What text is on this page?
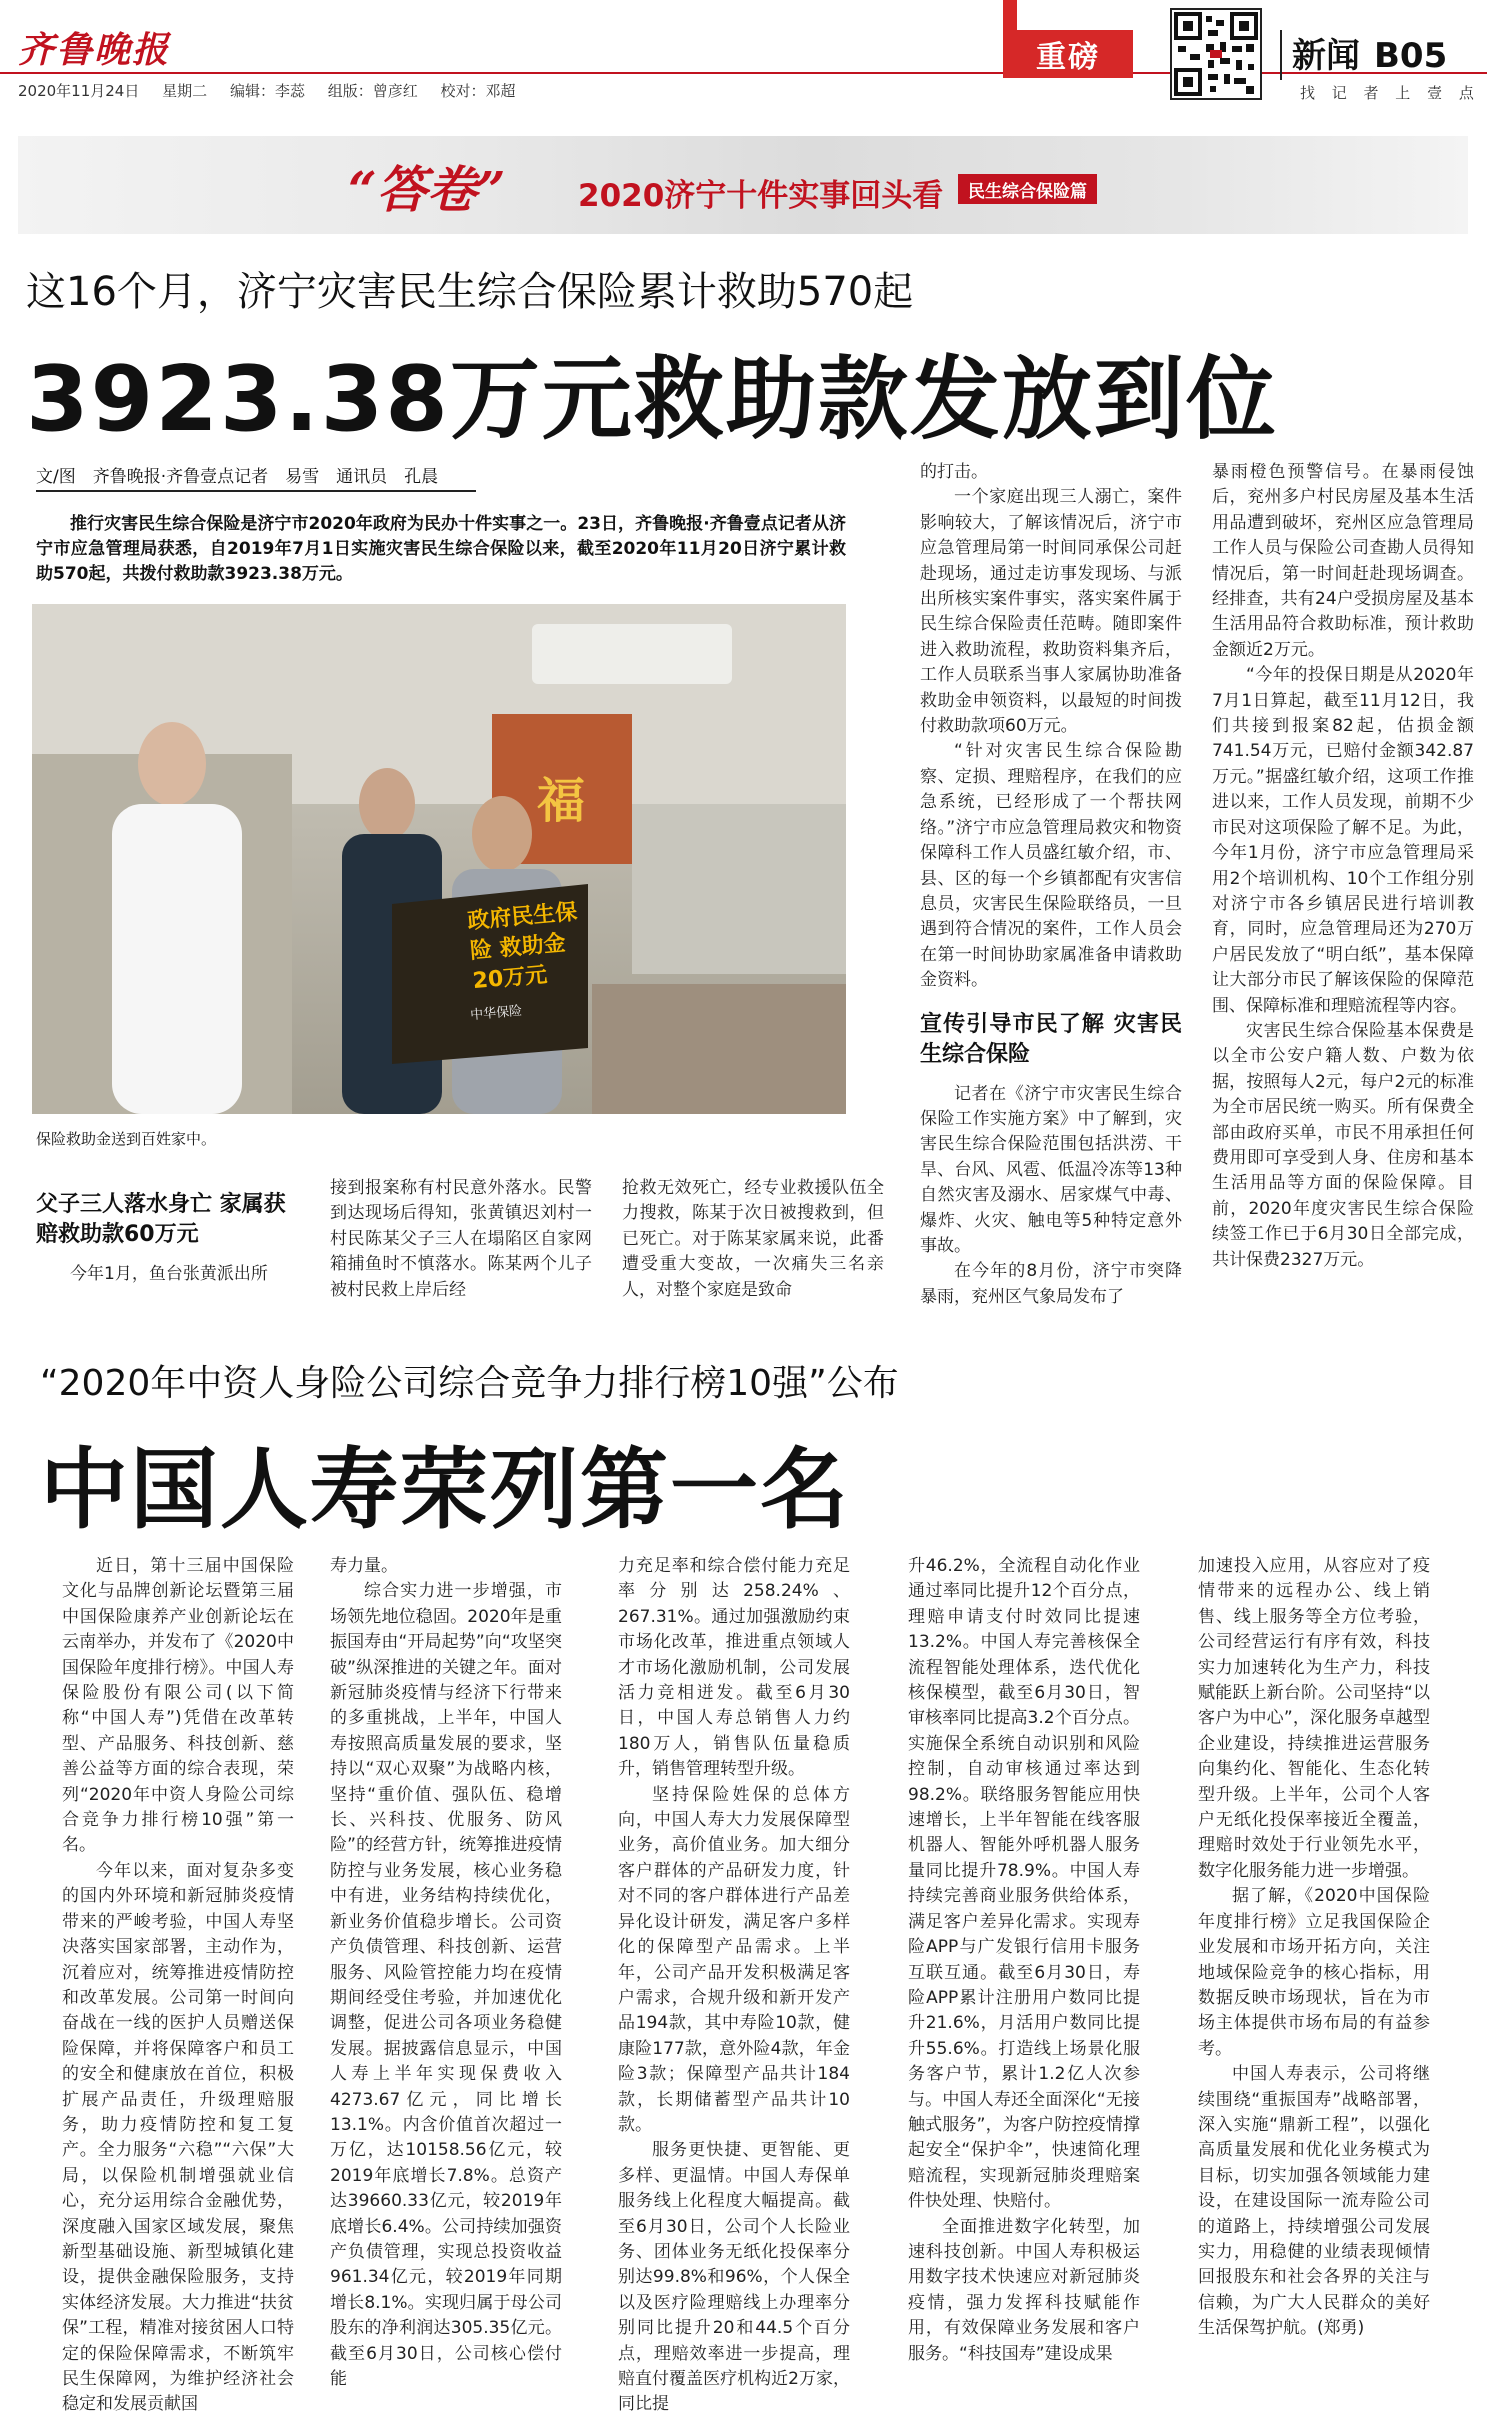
齐鲁晚报
2020年11月24日 星期二 编辑：李蕊 组版：曾彦红 校对：邓超
重磅	新闻 B05
找 记 者 上 壹 点
“答卷” 2020济宁十件实事回头看	民生综合保险篇
这16个月，济宁灾害民生综合保险累计救助570起
3923.38万元救助款发放到位
文/图　齐鲁晚报·齐鲁壹点记者　易雪　通讯员　孔晨

推行灾害民生综合保险是济宁市2020年政府为民办十件实事之一。23日，齐鲁晚报·齐鲁壹点记者从济宁市应急管理局获悉，自2019年7月1日实施灾害民生综合保险以来，截至2020年11月20日济宁累计救助570起，共拨付救助款3923.38万元。

政府民生保险 救助金20万元
中华保险
福
保险救助金送到百姓家中。
父子三人落水身亡 家属获赔救助款60万元

今年1月，鱼台张黄派出所

接到报案称有村民意外落水。民警到达现场后得知，张黄镇迟刘村一村民陈某父子三人在塌陷区自家网箱捕鱼时不慎落水。陈某两个儿子被村民救上岸后经

抢救无效死亡，经专业救援队伍全力搜救，陈某于次日被搜救到，但已死亡。对于陈某家属来说，此番遭受重大变故，一次痛失三名亲人，对整个家庭是致命

的打击。

一个家庭出现三人溺亡，案件影响较大，了解该情况后，济宁市应急管理局第一时间同承保公司赶赴现场，通过走访事发现场、与派出所核实案件事实，落实案件属于民生综合保险责任范畴。随即案件进入救助流程，救助资料集齐后，工作人员联系当事人家属协助准备救助金申领资料，以最短的时间拨付救助款项60万元。

“针对灾害民生综合保险勘察、定损、理赔程序，在我们的应急系统，已经形成了一个帮扶网络。”济宁市应急管理局救灾和物资保障科工作人员盛红敏介绍，市、县、区的每一个乡镇都配有灾害信息员，灾害民生保险联络员，一旦遇到符合情况的案件，工作人员会在第一时间协助家属准备申请救助金资料。

宣传引导市民了解 灾害民生综合保险

记者在《济宁市灾害民生综合保险工作实施方案》中了解到，灾害民生综合保险范围包括洪涝、干旱、台风、风雹、低温冷冻等13种自然灾害及溺水、居家煤气中毒、爆炸、火灾、触电等5种特定意外事故。

在今年的8月份，济宁市突降暴雨，兖州区气象局发布了

暴雨橙色预警信号。在暴雨侵蚀后，兖州多户村民房屋及基本生活用品遭到破坏，兖州区应急管理局工作人员与保险公司查勘人员得知情况后，第一时间赶赴现场调查。经排查，共有24户受损房屋及基本生活用品符合救助标准，预计救助金额近2万元。

“今年的投保日期是从2020年7月1日算起，截至11月12日，我们共接到报案82起，估损金额741.54万元，已赔付金额342.87万元。”据盛红敏介绍，这项工作推进以来，工作人员发现，前期不少市民对这项保险了解不足。为此，今年1月份，济宁市应急管理局采用2个培训机构、10个工作组分别对济宁市各乡镇居民进行培训教育，同时，应急管理局还为270万户居民发放了“明白纸”，基本保障让大部分市民了解该保险的保障范围、保障标准和理赔流程等内容。

灾害民生综合保险基本保费是以全市公安户籍人数、户数为依据，按照每人2元，每户2元的标准为全市居民统一购买。所有保费全部由政府买单，市民不用承担任何费用即可享受到人身、住房和基本生活用品等方面的保险保障。目前，2020年度灾害民生综合保险续签工作已于6月30日全部完成，共计保费2327万元。

“2020年中资人身险公司综合竞争力排行榜10强”公布
中国人寿荣列第一名

近日，第十三届中国保险文化与品牌创新论坛暨第三届中国保险康养产业创新论坛在云南举办，并发布了《2020中国保险年度排行榜》。中国人寿保险股份有限公司(以下简称“中国人寿”)凭借在改革转型、产品服务、科技创新、慈善公益等方面的综合表现，荣列“2020年中资人身险公司综合竞争力排行榜10强”第一名。

今年以来，面对复杂多变的国内外环境和新冠肺炎疫情带来的严峻考验，中国人寿坚决落实国家部署，主动作为，沉着应对，统筹推进疫情防控和改革发展。公司第一时间向奋战在一线的医护人员赠送保险保障，并将保障客户和员工的安全和健康放在首位，积极扩展产品责任，升级理赔服务，助力疫情防控和复工复产。全力服务“六稳”“六保”大局，以保险机制增强就业信心，充分运用综合金融优势，深度融入国家区域发展，聚焦新型基础设施、新型城镇化建设，提供金融保险服务，支持实体经济发展。大力推进“扶贫保”工程，精准对接贫困人口特定的保险保障需求，不断筑牢民生保障网，为维护经济社会稳定和发展贡献国

寿力量。

综合实力进一步增强，市场领先地位稳固。2020年是重振国寿由“开局起势”向“攻坚突破”纵深推进的关键之年。面对新冠肺炎疫情与经济下行带来的多重挑战，上半年，中国人寿按照高质量发展的要求，坚持以“双心双聚”为战略内核，坚持“重价值、强队伍、稳增长、兴科技、优服务、防风险”的经营方针，统筹推进疫情防控与业务发展，核心业务稳中有进，业务结构持续优化，新业务价值稳步增长。公司资产负债管理、科技创新、运营服务、风险管控能力均在疫情期间经受住考验，并加速优化调整，促进公司各项业务稳健发展。据披露信息显示，中国人寿上半年实现保费收入4273.67亿元，同比增长13.1%。内含价值首次超过一万亿，达10158.56亿元，较2019年底增长7.8%。总资产达39660.33亿元，较2019年底增长6.4%。公司持续加强资产负债管理，实现总投资收益961.34亿元，较2019年同期增长8.1%。实现归属于母公司股东的净利润达305.35亿元。截至6月30日，公司核心偿付能

力充足率和综合偿付能力充足率分别达258.24%、267.31%。通过加强激励约束市场化改革，推进重点领域人才市场化激励机制，公司发展活力竞相迸发。截至6月30日，中国人寿总销售人力约180万人，销售队伍量稳质升，销售管理转型升级。

坚持保险姓保的总体方向，中国人寿大力发展保障型业务，高价值业务。加大细分客户群体的产品研发力度，针对不同的客户群体进行产品差异化设计研发，满足客户多样化的保障型产品需求。上半年，公司产品开发积极满足客户需求，合规升级和新开发产品194款，其中寿险10款，健康险177款，意外险4款，年金险3款；保障型产品共计184款，长期储蓄型产品共计10款。

服务更快捷、更智能、更多样、更温情。中国人寿保单服务线上化程度大幅提高。截至6月30日，公司个人长险业务、团体业务无纸化投保率分别达99.8%和96%，个人保全以及医疗险理赔线上办理率分别同比提升20和44.5个百分点，理赔效率进一步提高，理赔直付覆盖医疗机构近2万家，同比提

升46.2%，全流程自动化作业通过率同比提升12个百分点，理赔申请支付时效同比提速13.2%。中国人寿完善核保全流程智能处理体系，迭代优化核保模型，截至6月30日，智审核率同比提高3.2个百分点。实施保全系统自动识别和风险控制，自动审核通过率达到98.2%。联络服务智能应用快速增长，上半年智能在线客服机器人、智能外呼机器人服务量同比提升78.9%。中国人寿持续完善商业服务供给体系，满足客户差异化需求。实现寿险APP与广发银行信用卡服务互联互通。截至6月30日，寿险APP累计注册用户数同比提升21.6%，月活用户数同比提升55.6%。打造线上场景化服务客户节，累计1.2亿人次参与。中国人寿还全面深化“无接触式服务”，为客户防控疫情撑起安全“保护伞”，快速简化理赔流程，实现新冠肺炎理赔案件快处理、快赔付。

全面推进数字化转型，加速科技创新。中国人寿积极运用数字技术快速应对新冠肺炎疫情，强力发挥科技赋能作用，有效保障业务发展和客户服务。“科技国寿”建设成果

加速投入应用，从容应对了疫情带来的远程办公、线上销售、线上服务等全方位考验，公司经营运行有序有效，科技实力加速转化为生产力，科技赋能跃上新台阶。公司坚持“以客户为中心”，深化服务卓越型企业建设，持续推进运营服务向集约化、智能化、生态化转型升级。上半年，公司个人客户无纸化投保率接近全覆盖，理赔时效处于行业领先水平，数字化服务能力进一步增强。

据了解，《2020中国保险年度排行榜》立足我国保险企业发展和市场开拓方向，关注地域保险竞争的核心指标，用数据反映市场现状，旨在为市场主体提供市场布局的有益参考。

中国人寿表示，公司将继续围绕“重振国寿”战略部署，深入实施“鼎新工程”，以强化高质量发展和优化业务模式为目标，切实加强各领域能力建设，在建设国际一流寿险公司的道路上，持续增强公司发展实力，用稳健的业绩表现倾情回报股东和社会各界的关注与信赖，为广大人民群众的美好生活保驾护航。(郑勇)
